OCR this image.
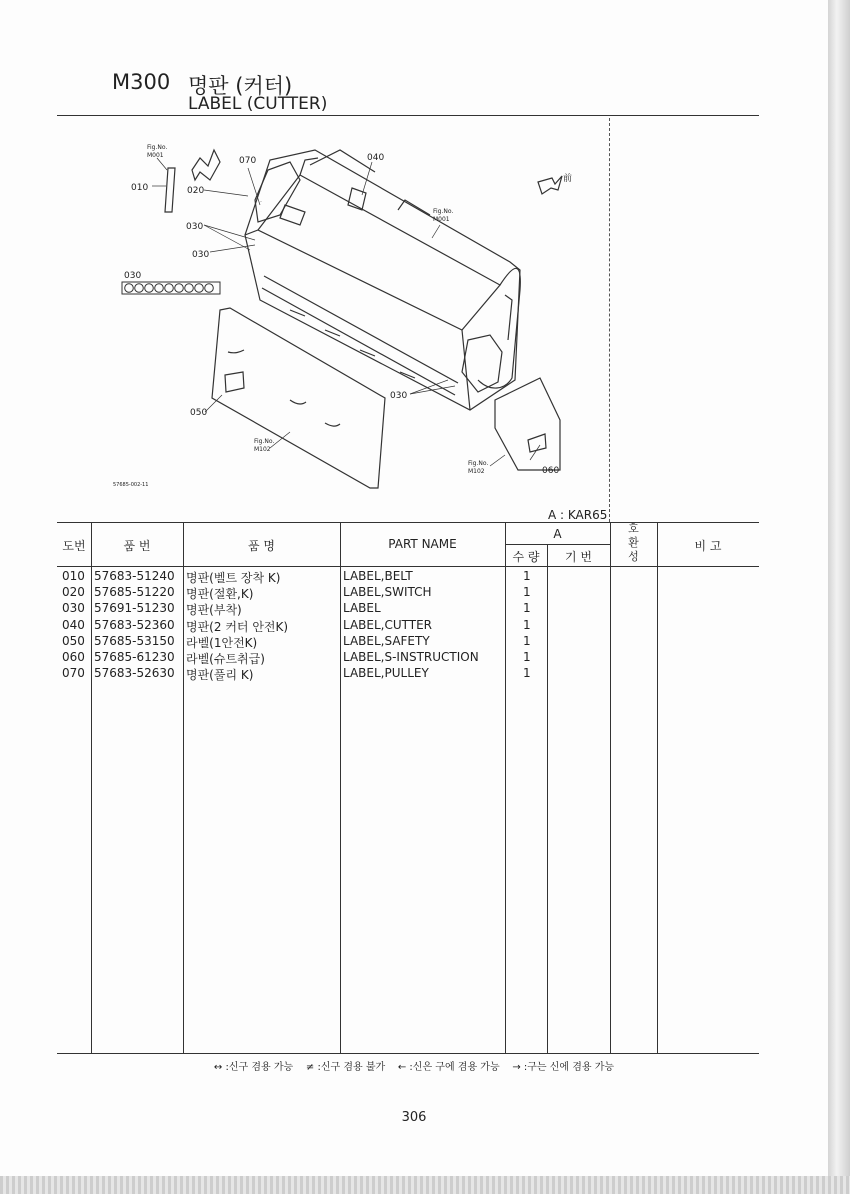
M300 명판 (커터)
LABEL (CUTTER)
010	020
030
030
030
030
030
040
050
060
070
Fig.No.
M001
Fig.No.
M001
Fig.No.
M102
Fig.No.
M102
前
57685-002-11
A : KAR65
도번	품 번	품 명	PART NAME
A
수 량	기 번
호
환
성
비 고
010 57683-51240 명판(벨트 장착 K)	LABEL,BELT	1
020 57685-51220 명판(절환,K)	LABEL,SWITCH	1
030 57691-51230 명판(부착)	LABEL	1
040 57683-52360 명판(2 커터 안전K)	LABEL,CUTTER	1
050 57685-53150 라벨(1안전K)	LABEL,SAFETY	1
060 57685-61230 라벨(슈트취급)	LABEL,S-INSTRUCTION	1
070 57683-52630 명판(풀리 K)	LABEL,PULLEY	1
↔ :신구 겸용 가능 ≠ :신구 겸용 불가 ← :신은 구에 겸용 가능 → :구는 신에 겸용 가능
306
